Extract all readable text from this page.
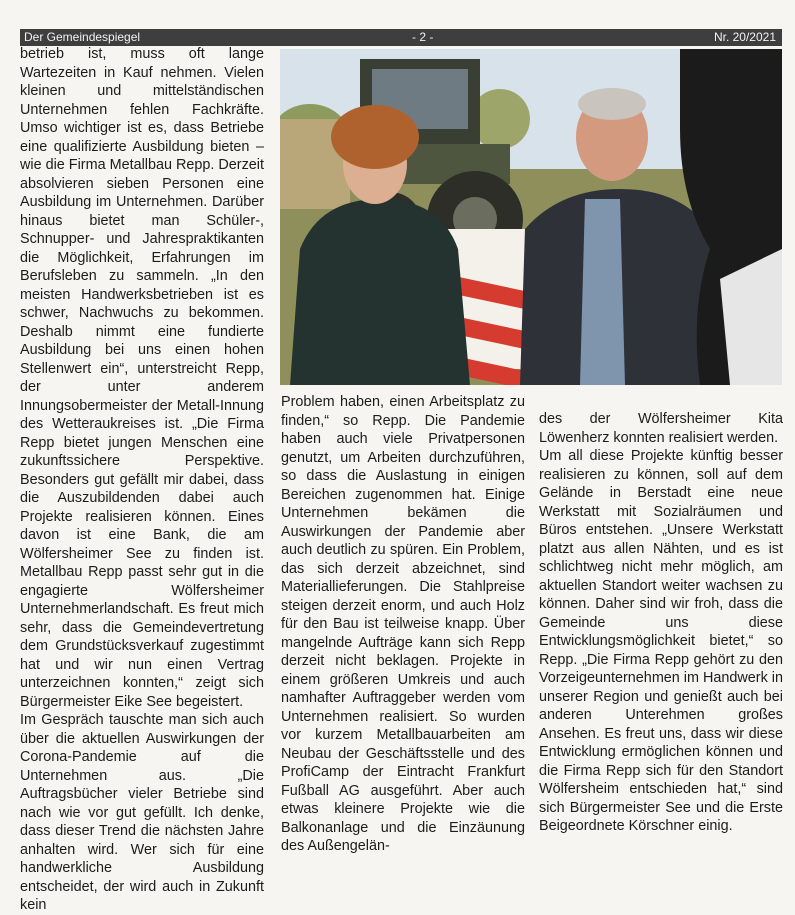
Der Gemeindespiegel	- 2 -	Nr. 20/2021

betrieb ist, muss oft lange Wartezeiten in Kauf nehmen. Vielen kleinen und mittelständischen Unternehmen fehlen Fachkräfte. Umso wichtiger ist es, dass Betriebe eine qualifizierte Ausbildung bieten – wie die Firma Metallbau Repp. Derzeit absolvieren sieben Personen eine Ausbildung im Unternehmen. Darüber hinaus bietet man Schüler-, Schnupper- und Jahrespraktikanten die Möglichkeit, Erfahrungen im Berufsleben zu sammeln. „In den meisten Handwerksbetrieben ist es schwer, Nachwuchs zu bekommen. Deshalb nimmt eine fundierte Ausbildung bei uns einen hohen Stellenwert ein“, unterstreicht Repp, der unter anderem Innungsobermeister der Metall-Innung des Wetteraukreises ist. „Die Firma Repp bietet jungen Menschen eine zukunftssichere Perspektive. Besonders gut gefällt mir dabei, dass die Auszubildenden dabei auch Projekte realisieren können. Eines davon ist eine Bank, die am Wölfersheimer See zu finden ist. Metallbau Repp passt sehr gut in die engagierte Wölfersheimer Unternehmerlandschaft. Es freut mich sehr, dass die Gemeindevertretung dem Grundstücksverkauf zugestimmt hat und wir nun einen Vertrag unterzeichnen konnten,“ zeigt sich Bürgermeister Eike See begeistert.

Im Gespräch tauschte man sich auch über die aktuellen Auswirkungen der Corona-Pandemie auf die Unternehmen aus. „Die Auftragsbücher vieler Betriebe sind nach wie vor gut gefüllt. Ich denke, dass dieser Trend die nächsten Jahre anhalten wird. Wer sich für eine handwerkliche Ausbildung entscheidet, der wird auch in Zukunft kein

Problem haben, einen Arbeitsplatz zu finden,“ so Repp. Die Pandemie haben auch viele Privatpersonen genutzt, um Arbeiten durchzuführen, so dass die Auslastung in einigen Bereichen zugenommen hat. Einige Unternehmen bekämen die Auswirkungen der Pandemie aber auch deutlich zu spüren. Ein Problem, das sich derzeit abzeichnet, sind Materiallieferungen. Die Stahlpreise steigen derzeit enorm, und auch Holz für den Bau ist teilweise knapp. Über mangelnde Aufträge kann sich Repp derzeit nicht beklagen. Projekte in einem größeren Umkreis und auch namhafter Auftraggeber werden vom Unternehmen realisiert. So wurden vor kurzem Metallbauarbeiten am Neubau der Geschäftsstelle und des ProfiCamp der Eintracht Frankfurt Fußball AG ausgeführt. Aber auch etwas kleinere Projekte wie die Balkonanlage und die Einzäunung des Außengelän-

des der Wölfersheimer Kita Löwenherz konnten realisiert werden.

Um all diese Projekte künftig besser realisieren zu können, soll auf dem Gelände in Berstadt eine neue Werkstatt mit Sozialräumen und Büros entstehen. „Unsere Werkstatt platzt aus allen Nähten, und es ist schlichtweg nicht mehr möglich, am aktuellen Standort weiter wachsen zu können. Daher sind wir froh, dass die Gemeinde uns diese Entwicklungsmöglichkeit bietet,“ so Repp. „Die Firma Repp gehört zu den Vorzeigeunternehmen im Handwerk in unserer Region und genießt auch bei anderen Unterehmen großes Ansehen. Es freut uns, dass wir diese Entwicklung ermöglichen können und die Firma Repp sich für den Standort Wölfersheim entschieden hat,“ sind sich Bürgermeister See und die Erste Beigeordnete Körschner einig.
